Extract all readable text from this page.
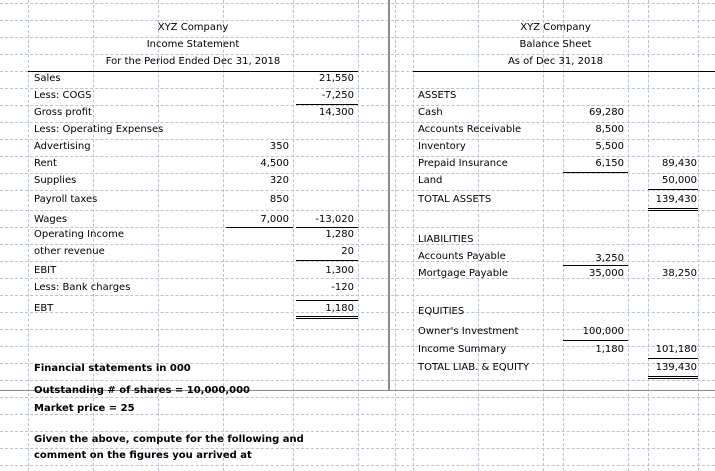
XYZ Company
Income Statement
For the Period Ended Dec 31, 2018
Sales	21,550
Less: COGS	-7,250
Gross profit	14,300
Less: Operating Expenses
Advertising	350
Rent	4,500
Supplies	320
Payroll taxes	850
Wages	7,000	-13,020
Operating Income	1,280
other revenue	20
EBIT	1,300
Less: Bank charges	-120
EBT	1,180
XYZ Company
Balance Sheet
As of Dec 31, 2018
ASSETS
Cash	69,280
Accounts Receivable	8,500
Inventory	5,500
Prepaid Insurance	6,150	89,430
Land	50,000
TOTAL ASSETS	139,430
LIABILITIES
Accounts Payable	3,250
Mortgage Payable	35,000	38,250
EQUITIES
Owner's Investment	100,000
Income Summary	1,180	101,180
TOTAL LIAB. & EQUITY	139,430
Financial statements in 000
Outstanding # of shares = 10,000,000
Market price = 25
Given the above, compute for the following and
comment on the figures you arrived at
